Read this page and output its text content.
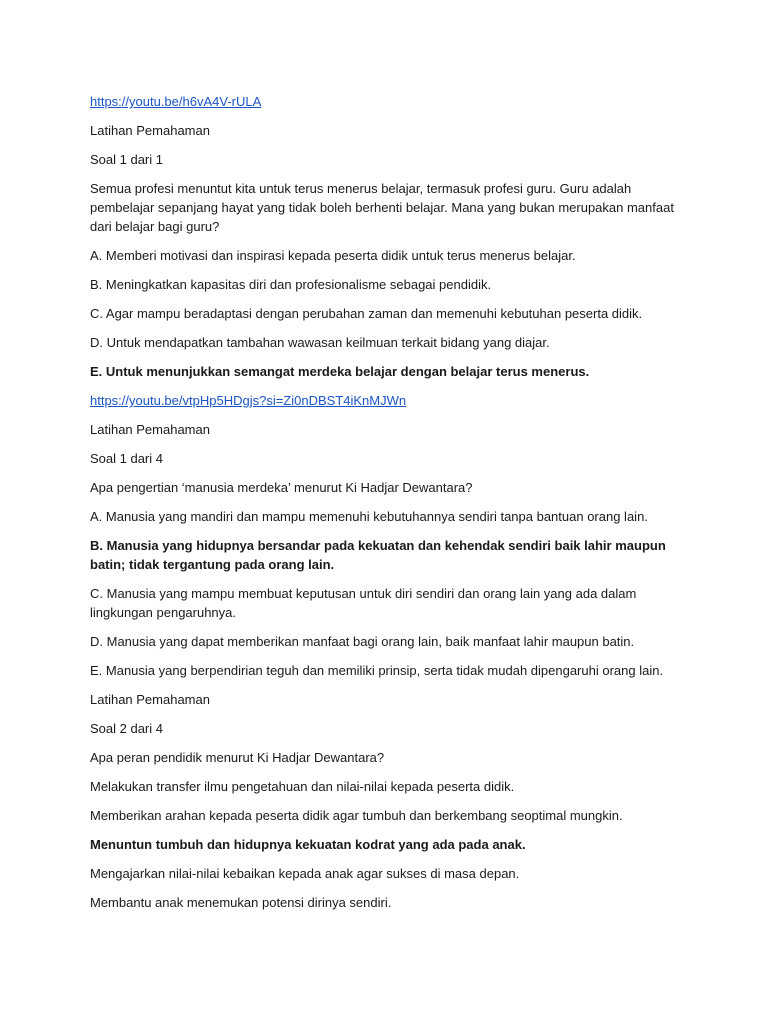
https://youtu.be/h6vA4V-rULA

Latihan Pemahaman

Soal 1 dari 1

Semua profesi menuntut kita untuk terus menerus belajar, termasuk profesi guru. Guru adalah pembelajar sepanjang hayat yang tidak boleh berhenti belajar. Mana yang bukan merupakan manfaat dari belajar bagi guru?

A. Memberi motivasi dan inspirasi kepada peserta didik untuk terus menerus belajar.

B. Meningkatkan kapasitas diri dan profesionalisme sebagai pendidik.

C. Agar mampu beradaptasi dengan perubahan zaman dan memenuhi kebutuhan peserta didik.

D. Untuk mendapatkan tambahan wawasan keilmuan terkait bidang yang diajar.

E. Untuk menunjukkan semangat merdeka belajar dengan belajar terus menerus.

https://youtu.be/vtpHp5HDgjs?si=Zi0nDBST4iKnMJWn

Latihan Pemahaman

Soal 1 dari 4

Apa pengertian ‘manusia merdeka’ menurut Ki Hadjar Dewantara?

A. Manusia yang mandiri dan mampu memenuhi kebutuhannya sendiri tanpa bantuan orang lain.

B. Manusia yang hidupnya bersandar pada kekuatan dan kehendak sendiri baik lahir maupun batin; tidak tergantung pada orang lain.

C. Manusia yang mampu membuat keputusan untuk diri sendiri dan orang lain yang ada dalam lingkungan pengaruhnya.

D. Manusia yang dapat memberikan manfaat bagi orang lain, baik manfaat lahir maupun batin.

E. Manusia yang berpendirian teguh dan memiliki prinsip, serta tidak mudah dipengaruhi orang lain.

Latihan Pemahaman

Soal 2 dari 4

Apa peran pendidik menurut Ki Hadjar Dewantara?

Melakukan transfer ilmu pengetahuan dan nilai-nilai kepada peserta didik.

Memberikan arahan kepada peserta didik agar tumbuh dan berkembang seoptimal mungkin.

Menuntun tumbuh dan hidupnya kekuatan kodrat yang ada pada anak.

Mengajarkan nilai-nilai kebaikan kepada anak agar sukses di masa depan.

Membantu anak menemukan potensi dirinya sendiri.
